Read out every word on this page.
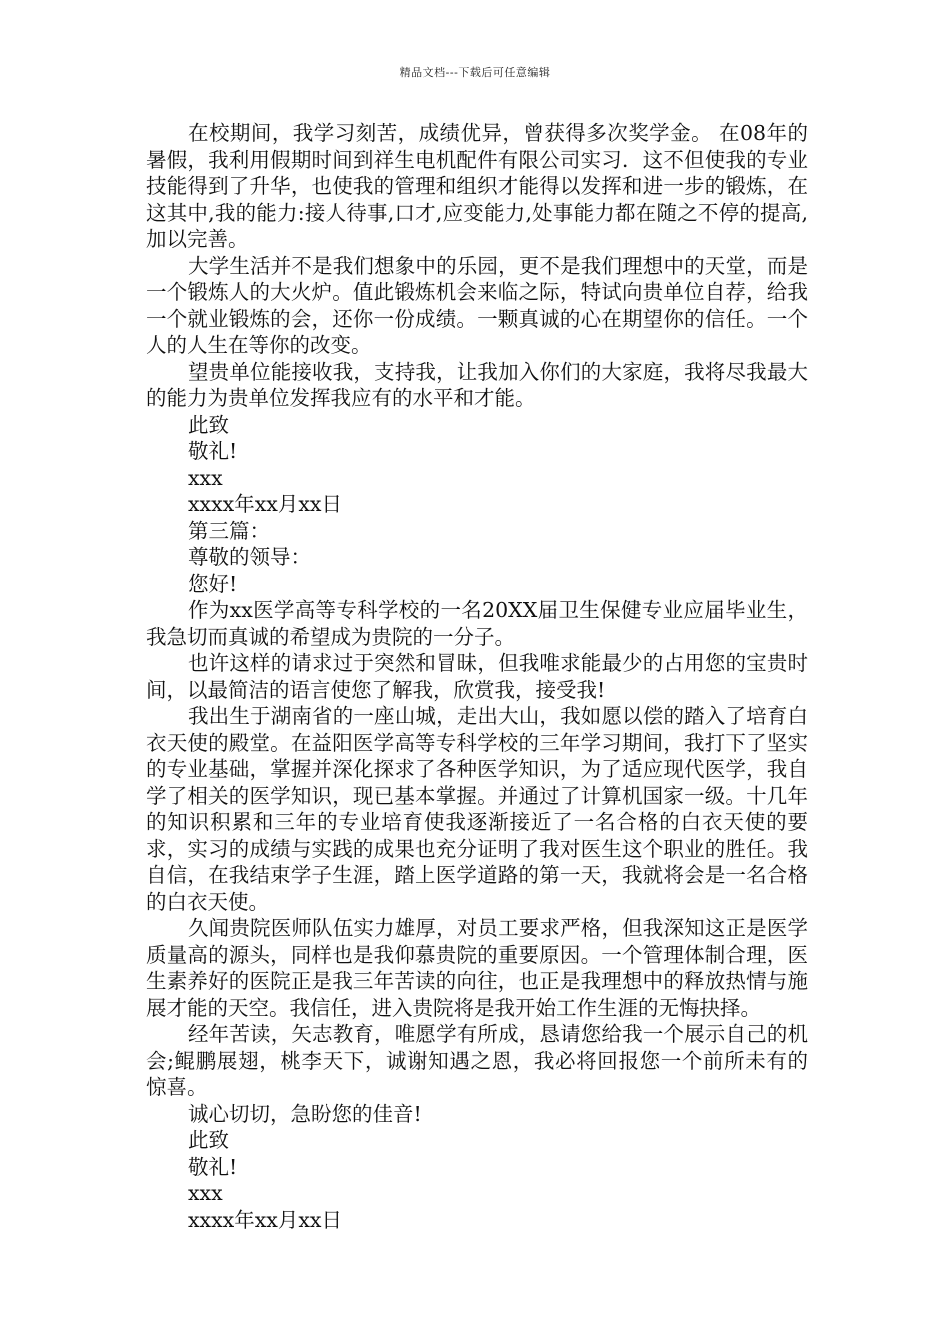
精品文档---下载后可任意编辑

在校期间，我学习刻苦，成绩优异，曾获得多次奖学金。 在08年的暑假，我利用假期时间到祥生电机配件有限公司实习．这不但使我的专业技能得到了升华，也使我的管理和组织才能得以发挥和进一步的锻炼，在这其中,我的能力:接人待事,口才,应变能力,处事能力都在随之不停的提高,加以完善。

大学生活并不是我们想象中的乐园，更不是我们理想中的天堂，而是一个锻炼人的大火炉。值此锻炼机会来临之际，特试向贵单位自荐，给我一个就业锻炼的会，还你一份成绩。一颗真诚的心在期望你的信任。一个人的人生在等你的改变。

望贵单位能接收我，支持我，让我加入你们的大家庭，我将尽我最大的能力为贵单位发挥我应有的水平和才能。

此致
敬礼!
xxx
xxxx年xx月xx日
第三篇：
尊敬的领导：
您好!

作为xx医学高等专科学校的一名20XX届卫生保健专业应届毕业生，我急切而真诚的希望成为贵院的一分子。

也许这样的请求过于突然和冒昧，但我唯求能最少的占用您的宝贵时间，以最简洁的语言使您了解我，欣赏我，接受我!

我出生于湖南省的一座山城，走出大山，我如愿以偿的踏入了培育白衣天使的殿堂。在益阳医学高等专科学校的三年学习期间，我打下了坚实的专业基础，掌握并深化探求了各种医学知识，为了适应现代医学，我自学了相关的医学知识，现已基本掌握。并通过了计算机国家一级。十几年的知识积累和三年的专业培育使我逐渐接近了一名合格的白衣天使的要求，实习的成绩与实践的成果也充分证明了我对医生这个职业的胜任。我自信，在我结束学子生涯，踏上医学道路的第一天，我就将会是一名合格的白衣天使。

久闻贵院医师队伍实力雄厚，对员工要求严格，但我深知这正是医学质量高的源头，同样也是我仰慕贵院的重要原因。一个管理体制合理，医生素养好的医院正是我三年苦读的向往，也正是我理想中的释放热情与施展才能的天空。我信任，进入贵院将是我开始工作生涯的无悔抉择。

经年苦读，矢志教育，唯愿学有所成，恳请您给我一个展示自己的机会;鲲鹏展翅，桃李天下，诚谢知遇之恩，我必将回报您一个前所未有的惊喜。

诚心切切，急盼您的佳音!
此致
敬礼!
xxx
xxxx年xx月xx日
